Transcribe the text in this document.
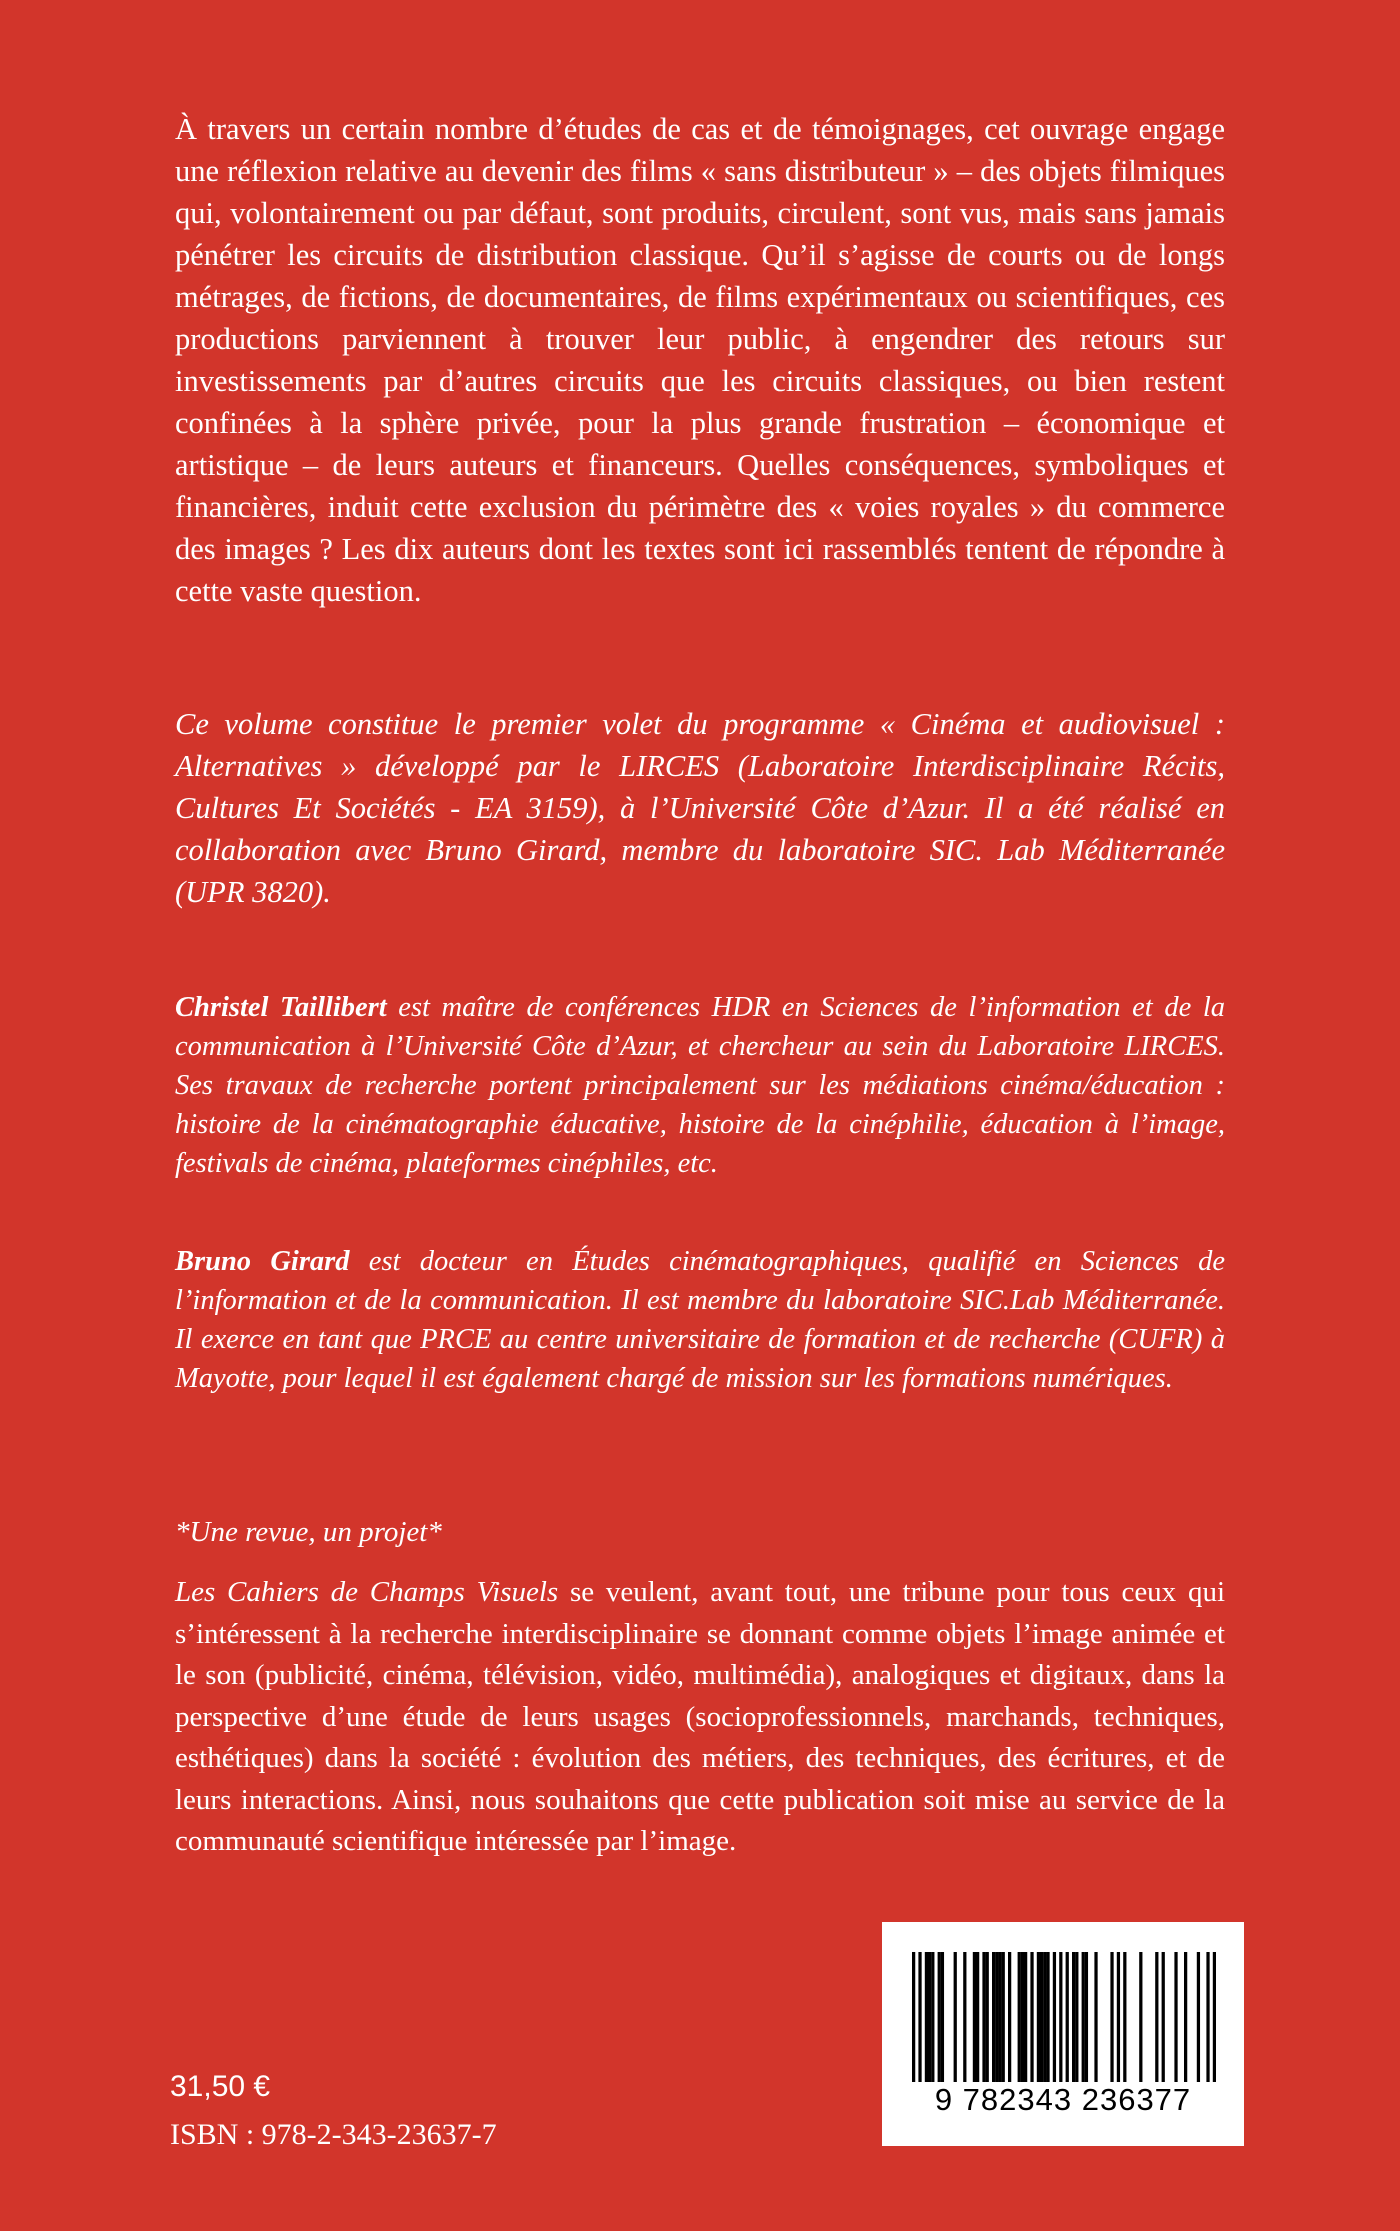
À travers un certain nombre d’études de cas et de témoignages, cet ouvrage engage une réflexion relative au devenir des films « sans distributeur » – des objets filmiques qui, volontairement ou par défaut, sont produits, circulent, sont vus, mais sans jamais pénétrer les circuits de distribution classique. Qu’il s’agisse de courts ou de longs métrages, de fictions, de documentaires, de films expérimentaux ou scientifiques, ces productions parviennent à trouver leur public, à engendrer des retours sur investissements par d’autres circuits que les circuits classiques, ou bien restent confinées à la sphère privée, pour la plus grande frustration – économique et artistique – de leurs auteurs et financeurs. Quelles conséquences, symboliques et financières, induit cette exclusion du périmètre des « voies royales » du commerce des images ? Les dix auteurs dont les textes sont ici rassemblés tentent de répondre à cette vaste question.

Ce volume constitue le premier volet du programme « Cinéma et audiovisuel : Alternatives » développé par le LIRCES (Laboratoire Interdisciplinaire Récits, Cultures Et Sociétés - EA 3159), à l’Université Côte d’Azur. Il a été réalisé en collaboration avec Bruno Girard, membre du laboratoire SIC. Lab Méditerranée (UPR 3820).

Christel Taillibert est maître de conférences HDR en Sciences de l’information et de la communication à l’Université Côte d’Azur, et chercheur au sein du Laboratoire LIRCES. Ses travaux de recherche portent principalement sur les médiations cinéma/éducation : histoire de la cinématographie éducative, histoire de la cinéphilie, éducation à l’image, festivals de cinéma, plateformes cinéphiles, etc.

Bruno Girard est docteur en Études cinématographiques, qualifié en Sciences de l’information et de la communication. Il est membre du laboratoire SIC.Lab Méditerranée. Il exerce en tant que PRCE au centre universitaire de formation et de recherche (CUFR) à Mayotte, pour lequel il est également chargé de mission sur les formations numériques.

*Une revue, un projet*

Les Cahiers de Champs Visuels se veulent, avant tout, une tribune pour tous ceux qui s’intéressent à la recherche interdisciplinaire se donnant comme objets l’image animée et le son (publicité, cinéma, télévision, vidéo, multimédia), analogiques et digitaux, dans la perspective d’une étude de leurs usages (socioprofessionnels, marchands, techniques, esthétiques) dans la société : évolution des métiers, des techniques, des écritures, et de leurs interactions. Ainsi, nous souhaitons que cette publication soit mise au service de la communauté scientifique intéressée par l’image.

31,50 €

ISBN : 978-2-343-23637-7

9 782343 236377
